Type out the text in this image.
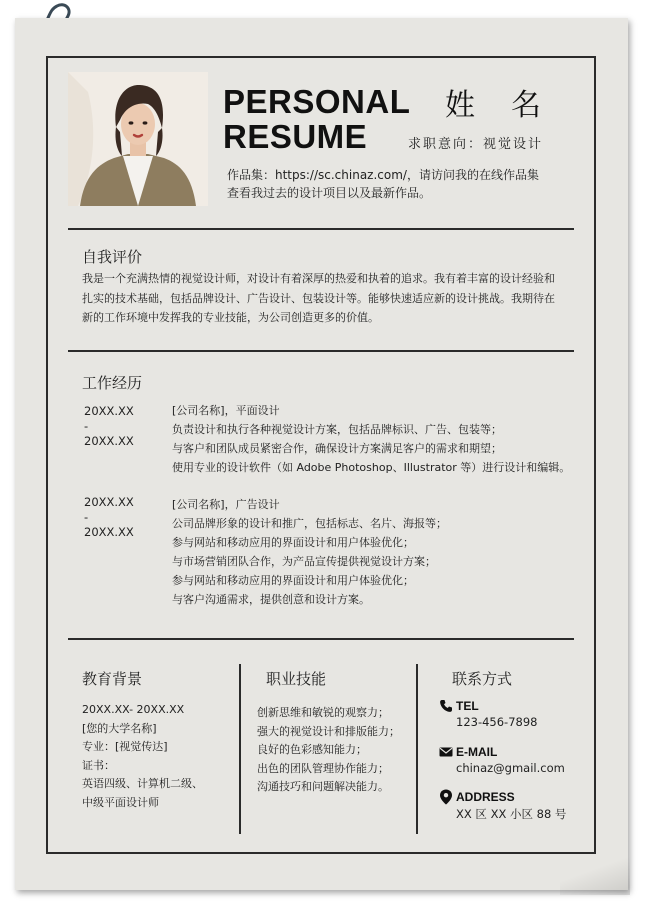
PERSONAL
RESUME
姓名
求职意向：视觉设计
作品集：https://sc.chinaz.com/，请访问我的在线作品集
查看我过去的设计项目以及最新作品。
自我评价
我是一个充满热情的视觉设计师，对设计有着深厚的热爱和执着的追求。我有着丰富的设计经验和
扎实的技术基础，包括品牌设计、广告设计、包装设计等。能够快速适应新的设计挑战。我期待在
新的工作环境中发挥我的专业技能，为公司创造更多的价值。
工作经历
20XX.XX
-
20XX.XX
[公司名称]，平面设计
负责设计和执行各种视觉设计方案，包括品牌标识、广告、包装等；
与客户和团队成员紧密合作，确保设计方案满足客户的需求和期望；
使用专业的设计软件（如 Adobe Photoshop、Illustrator 等）进行设计和编辑。
20XX.XX
-
20XX.XX
[公司名称]，广告设计
公司品牌形象的设计和推广，包括标志、名片、海报等；
参与网站和移动应用的界面设计和用户体验优化；
与市场营销团队合作，为产品宣传提供视觉设计方案；
参与网站和移动应用的界面设计和用户体验优化；
与客户沟通需求，提供创意和设计方案。
教育背景
20XX.XX- 20XX.XX
[您的大学名称]
专业：[视觉传达]
证书：
英语四级、计算机二级、
中级平面设计师
职业技能
创新思维和敏锐的观察力；
强大的视觉设计和排版能力；
良好的色彩感知能力；
出色的团队管理协作能力；
沟通技巧和问题解决能力。
联系方式
TEL
123-456-7898
E-MAIL
chinaz@gmail.com
ADDRESS
XX 区 XX 小区 88 号
